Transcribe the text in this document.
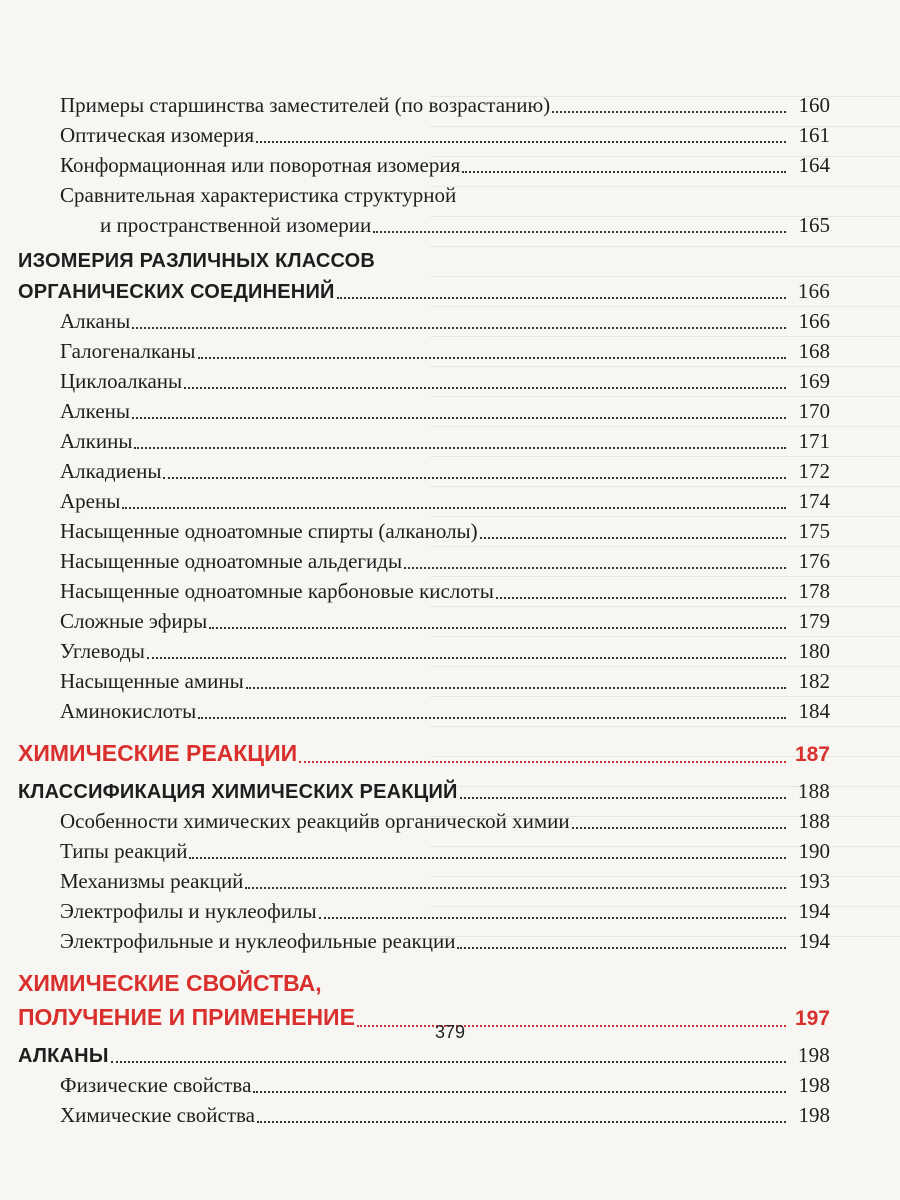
Примеры старшинства заместителей (по возрастанию)	160
Оптическая изомерия	161
Конформационная или поворотная изомерия	164
Сравнительная характеристика структурной
и пространственной изомерии	165
ИЗОМЕРИЯ РАЗЛИЧНЫХ КЛАССОВ
ОРГАНИЧЕСКИХ СОЕДИНЕНИЙ	166
Алканы	166
Галогеналканы	168
Циклоалканы	169
Алкены	170
Алкины	171
Алкадиены	172
Арены	174
Насыщенные одноатомные спирты (алканолы)	175
Насыщенные одноатомные альдегиды	176
Насыщенные одноатомные карбоновые кислоты	178
Сложные эфиры	179
Углеводы	180
Насыщенные амины	182
Аминокислоты	184
ХИМИЧЕСКИЕ РЕАКЦИИ	187
КЛАССИФИКАЦИЯ ХИМИЧЕСКИХ РЕАКЦИЙ	188
Особенности химических реакцийв органической химии	188
Типы реакций	190
Механизмы реакций	193
Электрофилы и нуклеофилы	194
Электрофильные и нуклеофильные реакции	194
ХИМИЧЕСКИЕ СВОЙСТВА,
ПОЛУЧЕНИЕ И ПРИМЕНЕНИЕ	197
АЛКАНЫ	198
Физические свойства	198
Химические свойства	198
379
